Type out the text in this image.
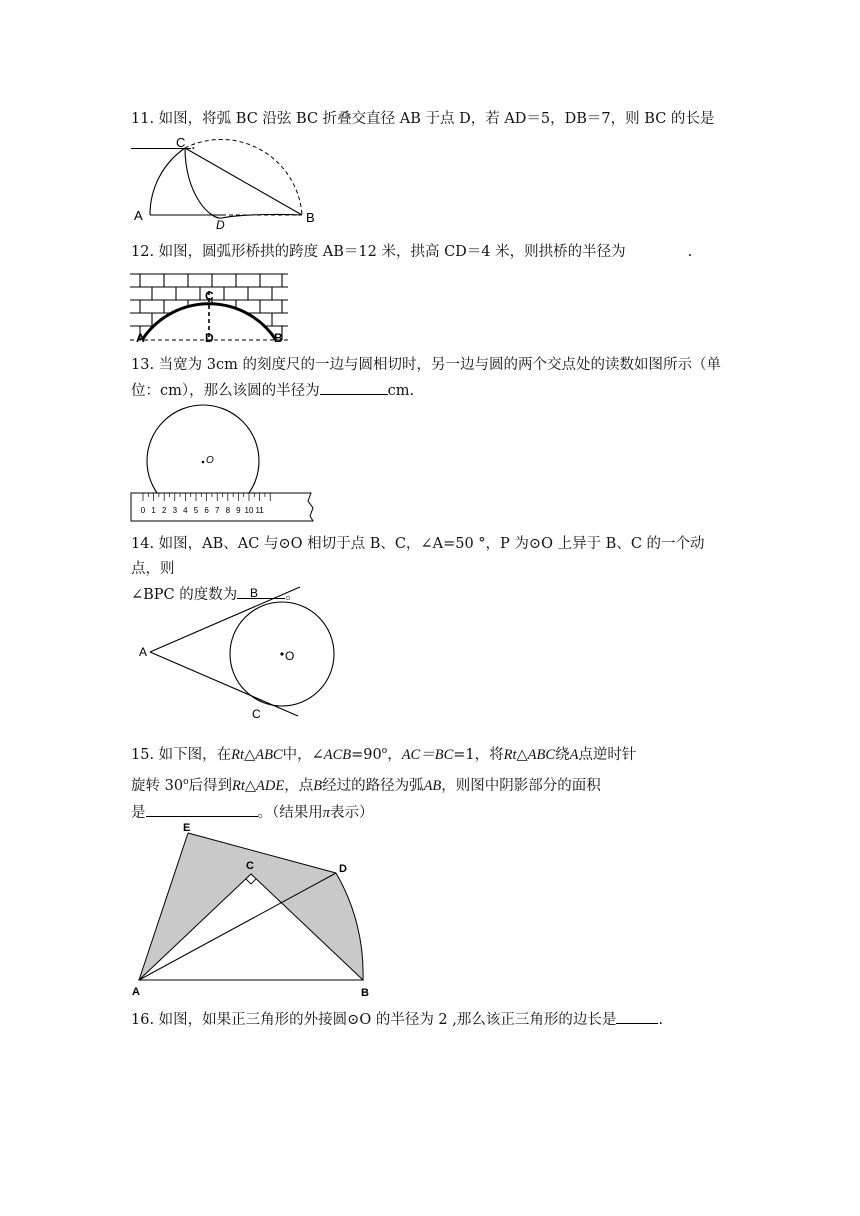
11. 如图，将弧 BC 沿弦 BC 折叠交直径 AB 于点 D，若 AD＝5，DB＝7，则 BC 的长是.

C
A
D	B

12. 如图，圆弧形桥拱的跨度 AB＝12 米，拱高 CD＝4 米，则拱桥的半径为	.

C
A	D	B

13. 当宽为 3cm 的刻度尺的一边与圆相切时，另一边与圆的两个交点处的读数如图所示（单
位：cm），那么该圆的半径为	cm.

O
0 1 2 3 4 5 6 7 8 9 10 11

14. 如图，AB、AC 与⊙O 相切于点 B、C，∠A=50 °，P 为⊙O 上异于 B、C 的一个动点，则
∠BPC 的度数为	。

A
B
C
O

15. 如下图，在Rt△ABC中，$\angle ACB=90^o$，AC＝BC=1，将Rt△ABC绕A点逆时针
旋转 30$^o$后得到Rt△ADE，点B经过的路径为弧AB，则图中阴影部分的面积
是	。（结果用π表示）

E
C	D
A	B

16. 如图，如果正三角形的外接圆⊙O 的半径为 2 ,那么该正三角形的边长是	.
